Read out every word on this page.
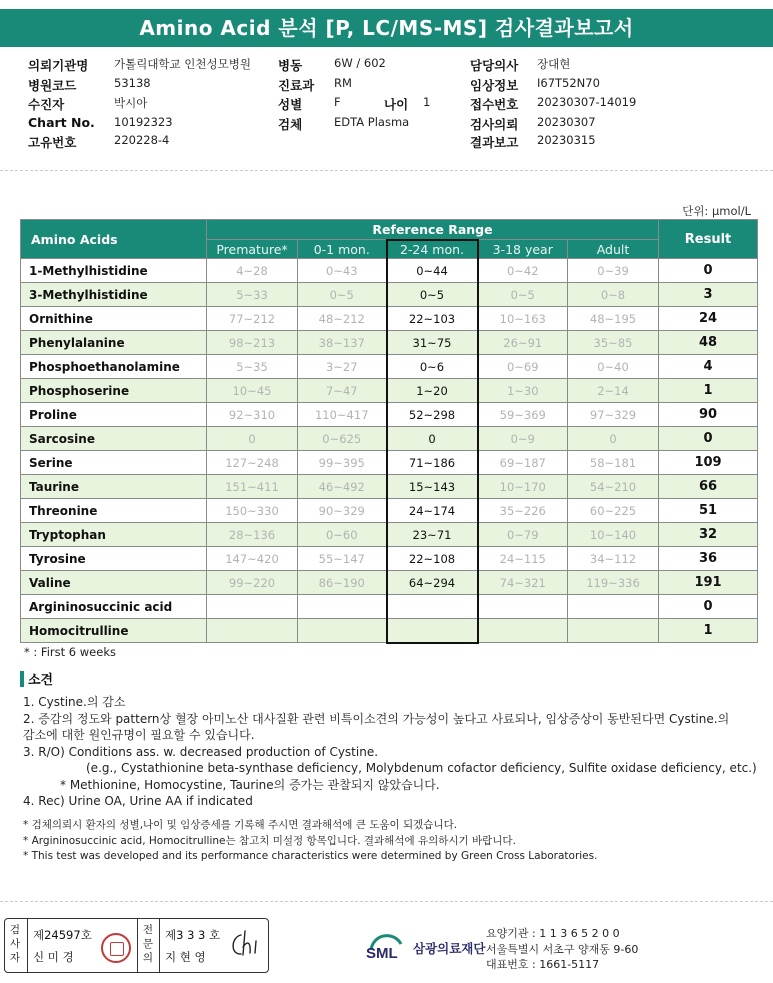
Amino Acid 분석 [P, LC/MS-MS] 검사결과보고서
의뢰기관명 가톨릭대학교 인천성모병원 병동	6W / 602	담당의사 장대현
병원코드	53138	진료과 RM	임상정보 I67T52N70
수진자	박시아	성별	F	나이 1	접수번호 20230307-14019
Chart No. 10192323	검체	EDTA Plasma	검사의뢰 20230307
고유번호	220228-4	결과보고 20230315
단위: μmol/L
Amino Acids	Reference Range					Result
	Premature*	0-1 mon.	2-24 mon.	3-18 year	Adult	
1-Methylhistidine	4~28	0~43	0~44	0~42	0~39	0
3-Methylhistidine	5~33	0~5	0~5	0~5	0~8	3
Ornithine	77~212	48~212	22~103	10~163	48~195	24
Phenylalanine	98~213	38~137	31~75	26~91	35~85	48
Phosphoethanolamine	5~35	3~27	0~6	0~69	0~40	4
Phosphoserine	10~45	7~47	1~20	1~30	2~14	1
Proline	92~310	110~417	52~298	59~369	97~329	90
Sarcosine	0	0~625	0	0~9	0	0
Serine	127~248	99~395	71~186	69~187	58~181	109
Taurine	151~411	46~492	15~143	10~170	54~210	66
Threonine	150~330	90~329	24~174	35~226	60~225	51
Tryptophan	28~136	0~60	23~71	0~79	10~140	32
Tyrosine	147~420	55~147	22~108	24~115	34~112	36
Valine	99~220	86~190	64~294	74~321	119~336	191
Argininosuccinic acid						0
Homocitrulline						1
* : First 6 weeks
소견
1. Cystine.의 감소
2. 증감의 정도와 pattern상 혈장 아미노산 대사질환 관련 비특이소견의 가능성이 높다고 사료되나, 임상증상이 동반된다면 Cystine.의
감소에 대한 원인규명이 필요할 수 있습니다.
3. R/O) Conditions ass. w. decreased production of Cystine.
(e.g., Cystathionine beta-synthase deficiency, Molybdenum cofactor deficiency, Sulfite oxidase deficiency, etc.)
* Methionine, Homocystine, Taurine의 증가는 관찰되지 않았습니다.
4. Rec) Urine OA, Urine AA if indicated
* 검체의뢰시 환자의 성별,나이 및 임상증세를 기록해 주시면 결과해석에 큰 도움이 되겠습니다.
* Argininosuccinic acid, Homocitrulline는 참고치 미설정 항목입니다. 결과해석에 유의하시기 바랍니다.
* This test was developed and its performance characteristics were determined by Green Cross Laboratories.
검사자
제24597호
신 미 경
전문의
제3 3 3 호
지 현 영	SML 삼광의료재단
요양기관 : 1 1 3 6 5 2 0 0
서울특별시 서초구 양재동 9-60
대표번호 : 1661-5117
